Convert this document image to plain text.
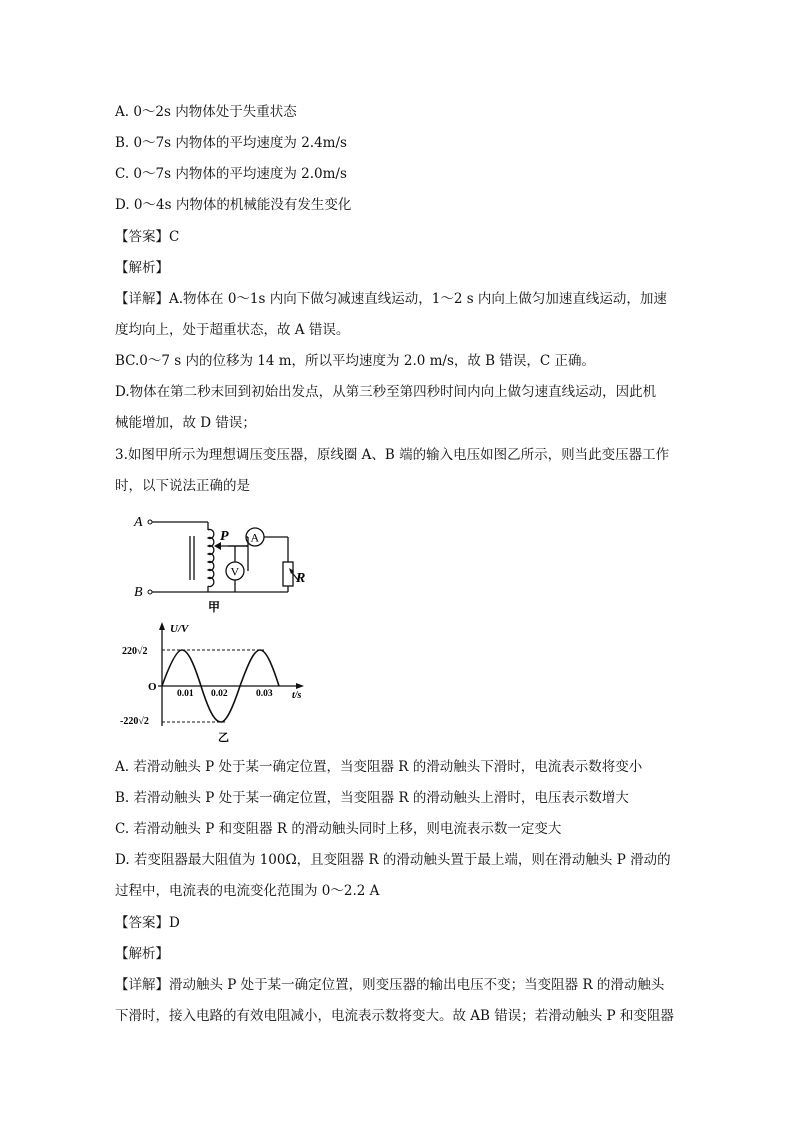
A. 0～2s 内物体处于失重状态
B. 0～7s 内物体的平均速度为 2.4m/s
C. 0～7s 内物体的平均速度为 2.0m/s
D. 0～4s 内物体的机械能没有发生变化
【答案】C
【解析】
【详解】A.物体在 0～1s 内向下做匀减速直线运动，1～2 s 内向上做匀加速直线运动，加速
度均向上，处于超重状态，故 A 错误。
BC.0～7 s 内的位移为 14 m，所以平均速度为 2.0 m/s，故 B 错误，C 正确。
D.物体在第二秒末回到初始出发点，从第三秒至第四秒时间内向上做匀速直线运动，因此机
械能增加，故 D 错误；
3.如图甲所示为理想调压变压器，原线圈 A、B 端的输入电压如图乙所示，则当此变压器工作
时，以下说法正确的是
A
B
P A
V	R
甲
U/V
t/s
O
220√2
-220√2
0.01 0.02	0.03
乙
A. 若滑动触头 P 处于某一确定位置，当变阻器 R 的滑动触头下滑时，电流表示数将变小
B. 若滑动触头 P 处于某一确定位置，当变阻器 R 的滑动触头上滑时，电压表示数增大
C. 若滑动触头 P 和变阻器 R 的滑动触头同时上移，则电流表示数一定变大
D. 若变阻器最大阻值为 100Ω，且变阻器 R 的滑动触头置于最上端，则在滑动触头 P 滑动的
过程中，电流表的电流变化范围为 0～2.2 A
【答案】D
【解析】
【详解】滑动触头 P 处于某一确定位置，则变压器的输出电压不变；当变阻器 R 的滑动触头
下滑时，接入电路的有效电阻减小，电流表示数将变大。故 AB 错误；若滑动触头 P 和变阻器
